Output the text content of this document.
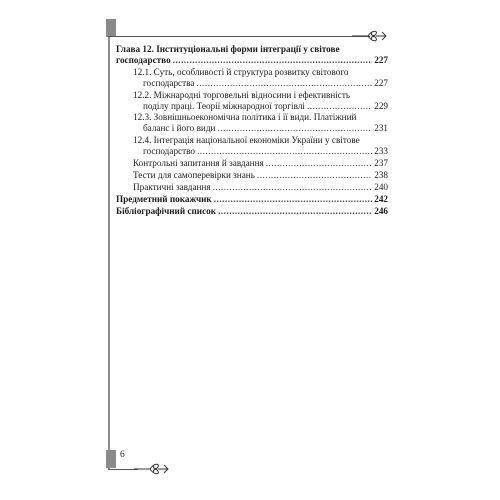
Глава 12. Інституціональні форми інтеграції у світове
господарство .....	227
12.1. Суть, особливості й структура розвитку світового
господарства .....	227
12.2. Міжнародні торговельні відносини і ефективність
поділу праці. Теорії міжнародної торгівлі .....	229
12.3. Зовнішньоекономічна політика і її види. Платіжний
баланс і його види .....	231
12.4. Інтеграція національної економіки України у світове
господарство .....	233
Контрольні запитання й завдання .....	237
Тести для самоперевірки знань .....	238
Практичні завдання .....	240
Предметний покажчик .....	242
Бібліографічний список .....	246
6
